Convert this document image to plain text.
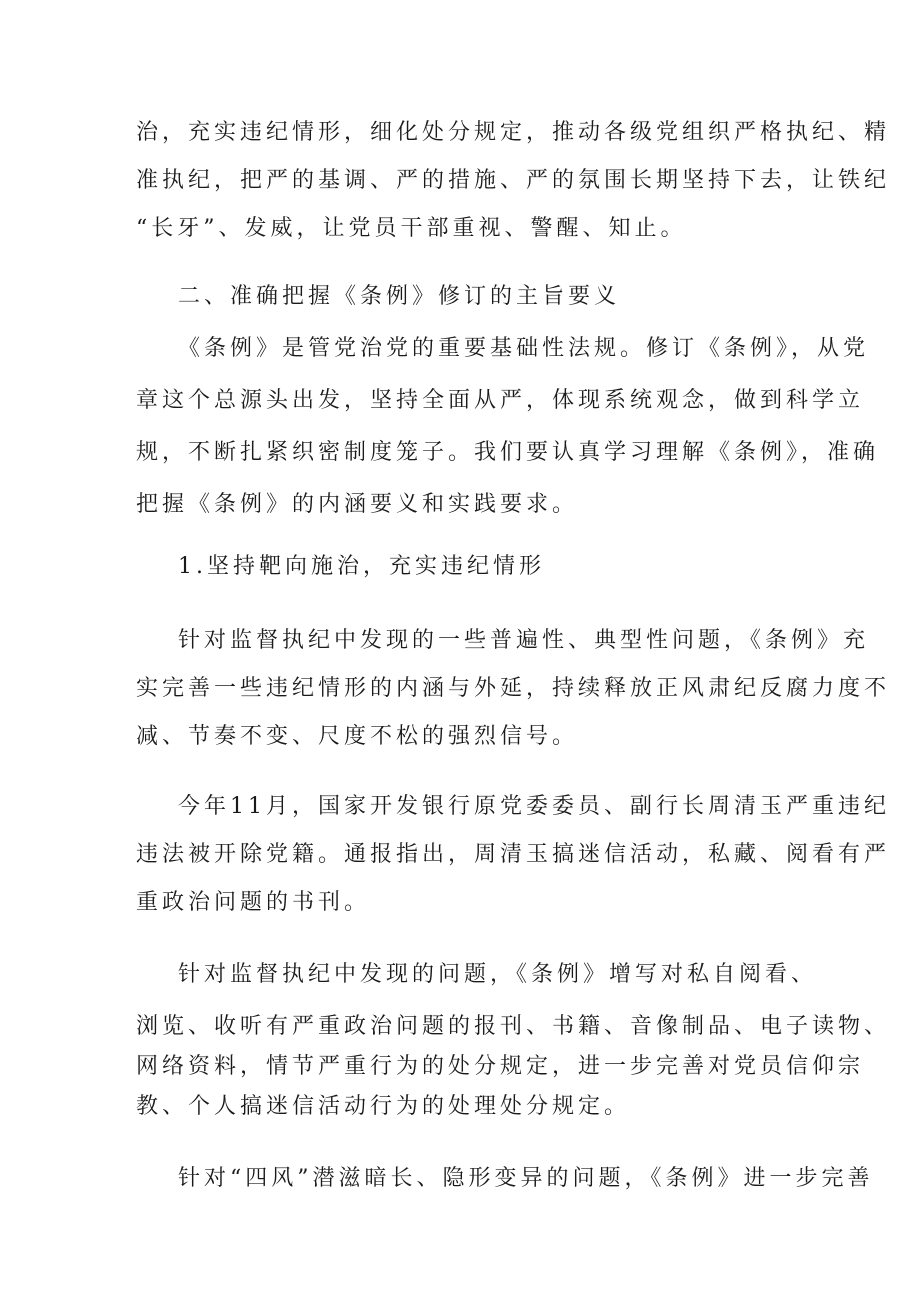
治，充实违纪情形，细化处分规定，推动各级党组织严格执纪、精
准执纪，把严的基调、严的措施、严的氛围长期坚持下去，让铁纪
“长牙”、发威，让党员干部重视、警醒、知止。
二、准确把握《条例》修订的主旨要义
《条例》是管党治党的重要基础性法规。修订《条例》，从党
章这个总源头出发，坚持全面从严，体现系统观念，做到科学立
规，不断扎紧织密制度笼子。我们要认真学习理解《条例》，准确
把握《条例》的内涵要义和实践要求。
1.坚持靶向施治，充实违纪情形
针对监督执纪中发现的一些普遍性、典型性问题，《条例》充
实完善一些违纪情形的内涵与外延，持续释放正风肃纪反腐力度不
减、节奏不变、尺度不松的强烈信号。
今年11月，国家开发银行原党委委员、副行长周清玉严重违纪
违法被开除党籍。通报指出，周清玉搞迷信活动，私藏、阅看有严
重政治问题的书刊。
针对监督执纪中发现的问题，《条例》增写对私自阅看、
浏览、收听有严重政治问题的报刊、书籍、音像制品、电子读物、
网络资料，情节严重行为的处分规定，进一步完善对党员信仰宗
教、个人搞迷信活动行为的处理处分规定。
针对“四风”潜滋暗长、隐形变异的问题，《条例》进一步完善
